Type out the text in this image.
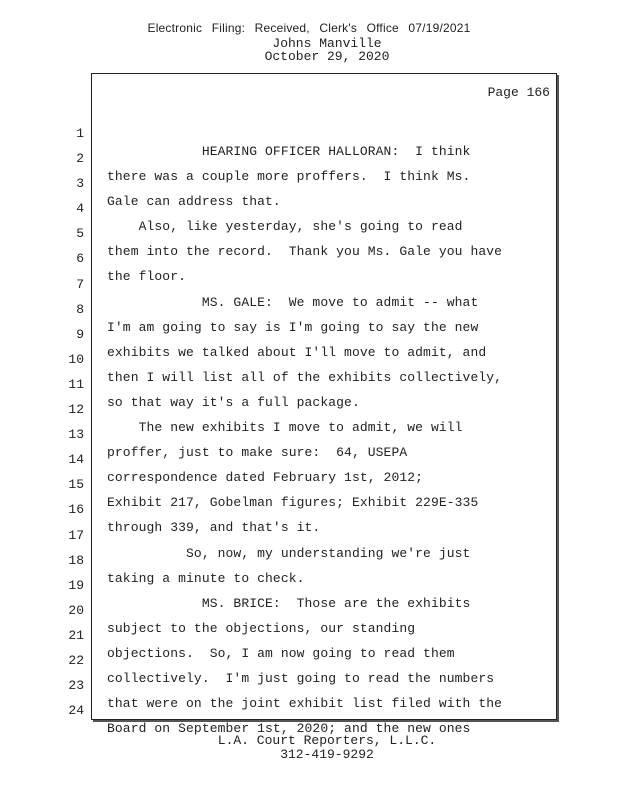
Electronic Filing: Received, Clerk's Office 07/19/2021
Johns Manville
October 29, 2020
Page 166

1

HEARING OFFICER HALLORAN:  I think

2

there was a couple more proffers.  I think Ms.

3

Gale can address that.

4

Also, like yesterday, she's going to read

5

them into the record.  Thank you Ms. Gale you have

6

the floor.

7

MS. GALE:  We move to admit -- what

8

I'm am going to say is I'm going to say the new

9

exhibits we talked about I'll move to admit, and

10

then I will list all of the exhibits collectively,

11

so that way it's a full package.

12

The new exhibits I move to admit, we will

13

proffer, just to make sure:  64, USEPA

14

correspondence dated February 1st, 2012;

15

Exhibit 217, Gobelman figures; Exhibit 229E-335

16

through 339, and that's it.

17

So, now, my understanding we're just

18

taking a minute to check.

19

MS. BRICE:  Those are the exhibits

20

subject to the objections, our standing

21

objections.  So, I am now going to read them

22

collectively.  I'm just going to read the numbers

23

that were on the joint exhibit list filed with the

24

Board on September 1st, 2020; and the new ones

L.A. Court Reporters, L.L.C.
312-419-9292
